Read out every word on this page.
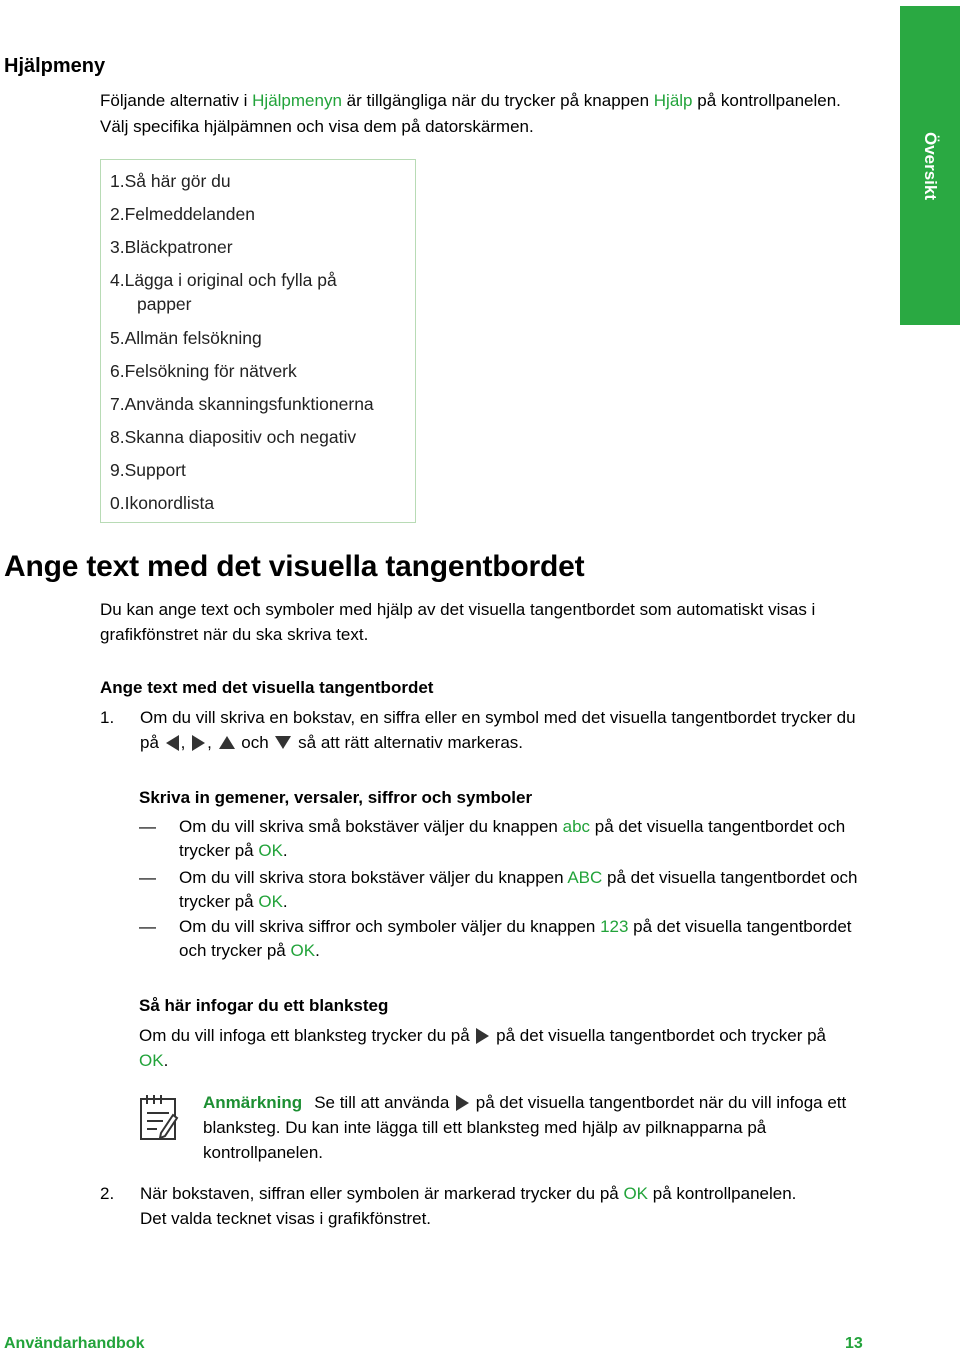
Översikt
Hjälpmeny

Följande alternativ i Hjälpmenyn är tillgängliga när du trycker på knappen Hjälp på kontrollpanelen. Välj specifika hjälpämnen och visa dem på datorskärmen.

1.Så här gör du
2.Felmeddelanden
3.Bläckpatroner
4.Lägga i original och fylla på
papper
5.Allmän felsökning
6.Felsökning för nätverk
7.Använda skanningsfunktionerna
8.Skanna diapositiv och negativ
9.Support
0.Ikonordlista
Ange text med det visuella tangentbordet

Du kan ange text och symboler med hjälp av det visuella tangentbordet som automatiskt visas i grafikfönstret när du ska skriva text.

Ange text med det visuella tangentbordet
1. Om du vill skriva en bokstav, en siffra eller en symbol med det visuella tangentbordet trycker du på , ,  och  så att rätt alternativ markeras.
Skriva in gemener, versaler, siffror och symboler
— Om du vill skriva små bokstäver väljer du knappen abc på det visuella tangentbordet och trycker på OK.
— Om du vill skriva stora bokstäver väljer du knappen ABC på det visuella tangentbordet och trycker på OK.
— Om du vill skriva siffror och symboler väljer du knappen 123 på det visuella tangentbordet och trycker på OK.
Så här infogar du ett blanksteg
Om du vill infoga ett blanksteg trycker du på  på det visuella tangentbordet och trycker på OK.
Anmärkning Se till att använda  på det visuella tangentbordet när du vill infoga ett blanksteg. Du kan inte lägga till ett blanksteg med hjälp av pilknapparna på kontrollpanelen.
2. När bokstaven, siffran eller symbolen är markerad trycker du på OK på kontrollpanelen.
Det valda tecknet visas i grafikfönstret.
Användarhandbok	13
